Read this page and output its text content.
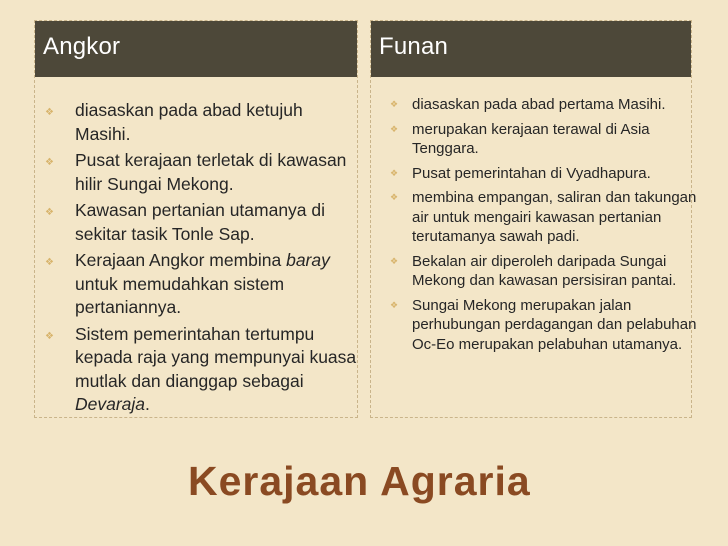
Angkor
❖ diasaskan pada abad ketujuh Masihi.
❖ Pusat kerajaan terletak di kawasan hilir Sungai Mekong.
❖ Kawasan pertanian utamanya di sekitar tasik Tonle Sap.
❖ Kerajaan Angkor membina baray untuk memudahkan sistem pertaniannya.
❖ Sistem pemerintahan tertumpu kepada raja yang mempunyai kuasa mutlak dan dianggap sebagai Devaraja.
Funan
❖ diasaskan pada abad pertama Masihi.
❖ merupakan kerajaan terawal di Asia Tenggara.
❖ Pusat pemerintahan di Vyadhapura.
❖ membina empangan, saliran dan takungan air untuk mengairi kawasan pertanian terutamanya sawah padi.
❖ Bekalan air diperoleh daripada Sungai Mekong dan kawasan persisiran pantai.
❖ Sungai Mekong merupakan jalan perhubungan perdagangan dan pelabuhan Oc-Eo merupakan pelabuhan utamanya.
Kerajaan Agraria
